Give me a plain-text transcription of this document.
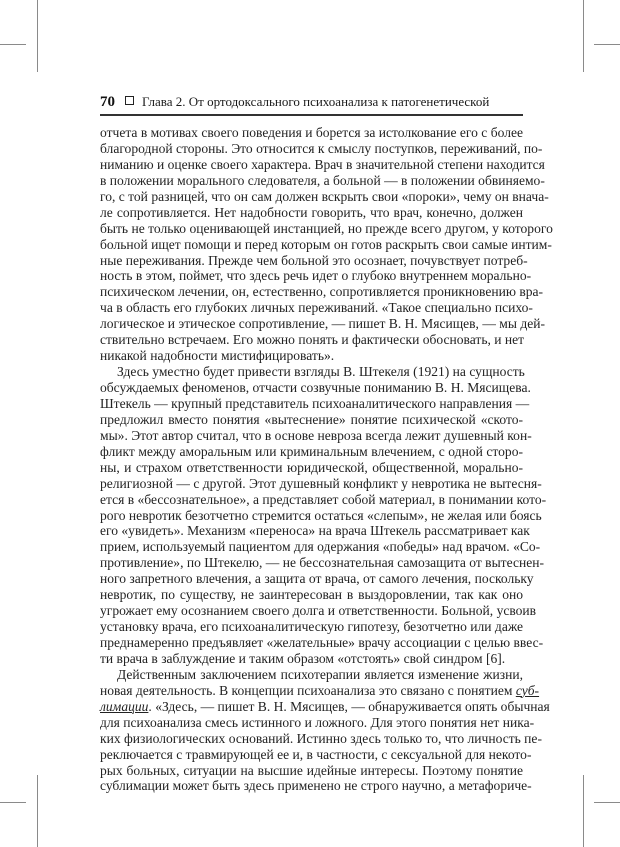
70 Глава 2. От ортодоксального психоанализа к патогенетической
отчета в мотивах своего поведения и борется за истолкование его с более
благородной стороны. Это относится к смыслу поступков, переживаний, по-
ниманию и оценке своего характера. Врач в значительной степени находится
в положении морального следователя, а больной — в положении обвиняемо-
го, с той разницей, что он сам должен вскрыть свои «пороки», чему он внача-
ле сопротивляется. Нет надобности говорить, что врач, конечно, должен
быть не только оценивающей инстанцией, но прежде всего другом, у которого
больной ищет помощи и перед которым он готов раскрыть свои самые интим-
ные переживания. Прежде чем больной это осознает, почувствует потреб-
ность в этом, поймет, что здесь речь идет о глубоко внутреннем морально-
психическом лечении, он, естественно, сопротивляется проникновению вра-
ча в область его глубоких личных переживаний. «Такое специально психо-
логическое и этическое сопротивление, — пишет В. Н. Мясищев, — мы дей-
ствительно встречаем. Его можно понять и фактически обосновать, и нет
никакой надобности мистифицировать».
Здесь уместно будет привести взгляды В. Штекеля (1921) на сущность
обсуждаемых феноменов, отчасти созвучные пониманию В. Н. Мясищева.
Штекель — крупный представитель психоаналитического направления —
предложил вместо понятия «вытеснение» понятие психической «ското-
мы». Этот автор считал, что в основе невроза всегда лежит душевный кон-
фликт между аморальным или криминальным влечением, с одной сторо-
ны, и страхом ответственности юридической, общественной, морально-
религиозной — с другой. Этот душевный конфликт у невротика не вытесня-
ется в «бессознательное», а представляет собой материал, в понимании кото-
рого невротик безотчетно стремится остаться «слепым», не желая или боясь
его «увидеть». Механизм «переноса» на врача Штекель рассматривает как
прием, используемый пациентом для одержания «победы» над врачом. «Со-
противление», по Штекелю, — не бессознательная самозащита от вытеснен-
ного запретного влечения, а защита от врача, от самого лечения, поскольку
невротик, по существу, не заинтересован в выздоровлении, так как оно
угрожает ему осознанием своего долга и ответственности. Больной, усвоив
установку врача, его психоаналитическую гипотезу, безотчетно или даже
преднамеренно предъявляет «желательные» врачу ассоциации с целью ввес-
ти врача в заблуждение и таким образом «отстоять» свой синдром [6].
Действенным заключением психотерапии является изменение жизни,
новая деятельность. В концепции психоанализа это связано с понятием суб-
лимации. «Здесь, — пишет В. Н. Мясищев, — обнаруживается опять обычная
для психоанализа смесь истинного и ложного. Для этого понятия нет ника-
ких физиологических оснований. Истинно здесь только то, что личность пе-
реключается с травмирующей ее и, в частности, с сексуальной для некото-
рых больных, ситуации на высшие идейные интересы. Поэтому понятие
сублимации может быть здесь применено не строго научно, а метафориче-
